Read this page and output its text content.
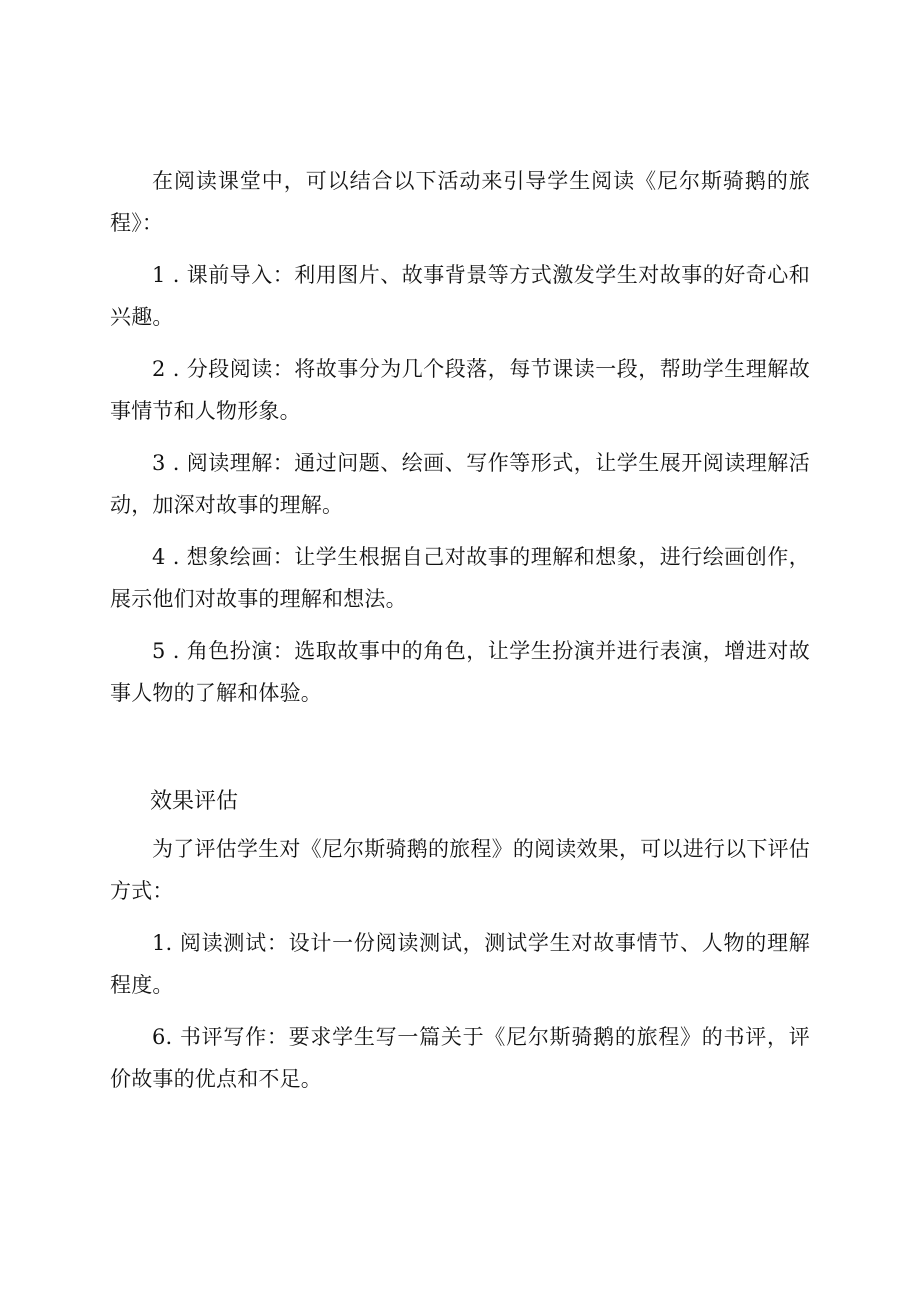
在阅读课堂中，可以结合以下活动来引导学生阅读《尼尔斯骑鹅的旅程》：

1 . 课前导入：利用图片、故事背景等方式激发学生对故事的好奇心和兴趣。

2 . 分段阅读：将故事分为几个段落，每节课读一段，帮助学生理解故事情节和人物形象。

3 . 阅读理解：通过问题、绘画、写作等形式，让学生展开阅读理解活动，加深对故事的理解。

4 . 想象绘画：让学生根据自己对故事的理解和想象，进行绘画创作，展示他们对故事的理解和想法。

5 . 角色扮演：选取故事中的角色，让学生扮演并进行表演，增进对故事人物的了解和体验。

效果评估

为了评估学生对《尼尔斯骑鹅的旅程》的阅读效果，可以进行以下评估方式：

1. 阅读测试：设计一份阅读测试，测试学生对故事情节、人物的理解程度。

6. 书评写作：要求学生写一篇关于《尼尔斯骑鹅的旅程》的书评，评价故事的优点和不足。
